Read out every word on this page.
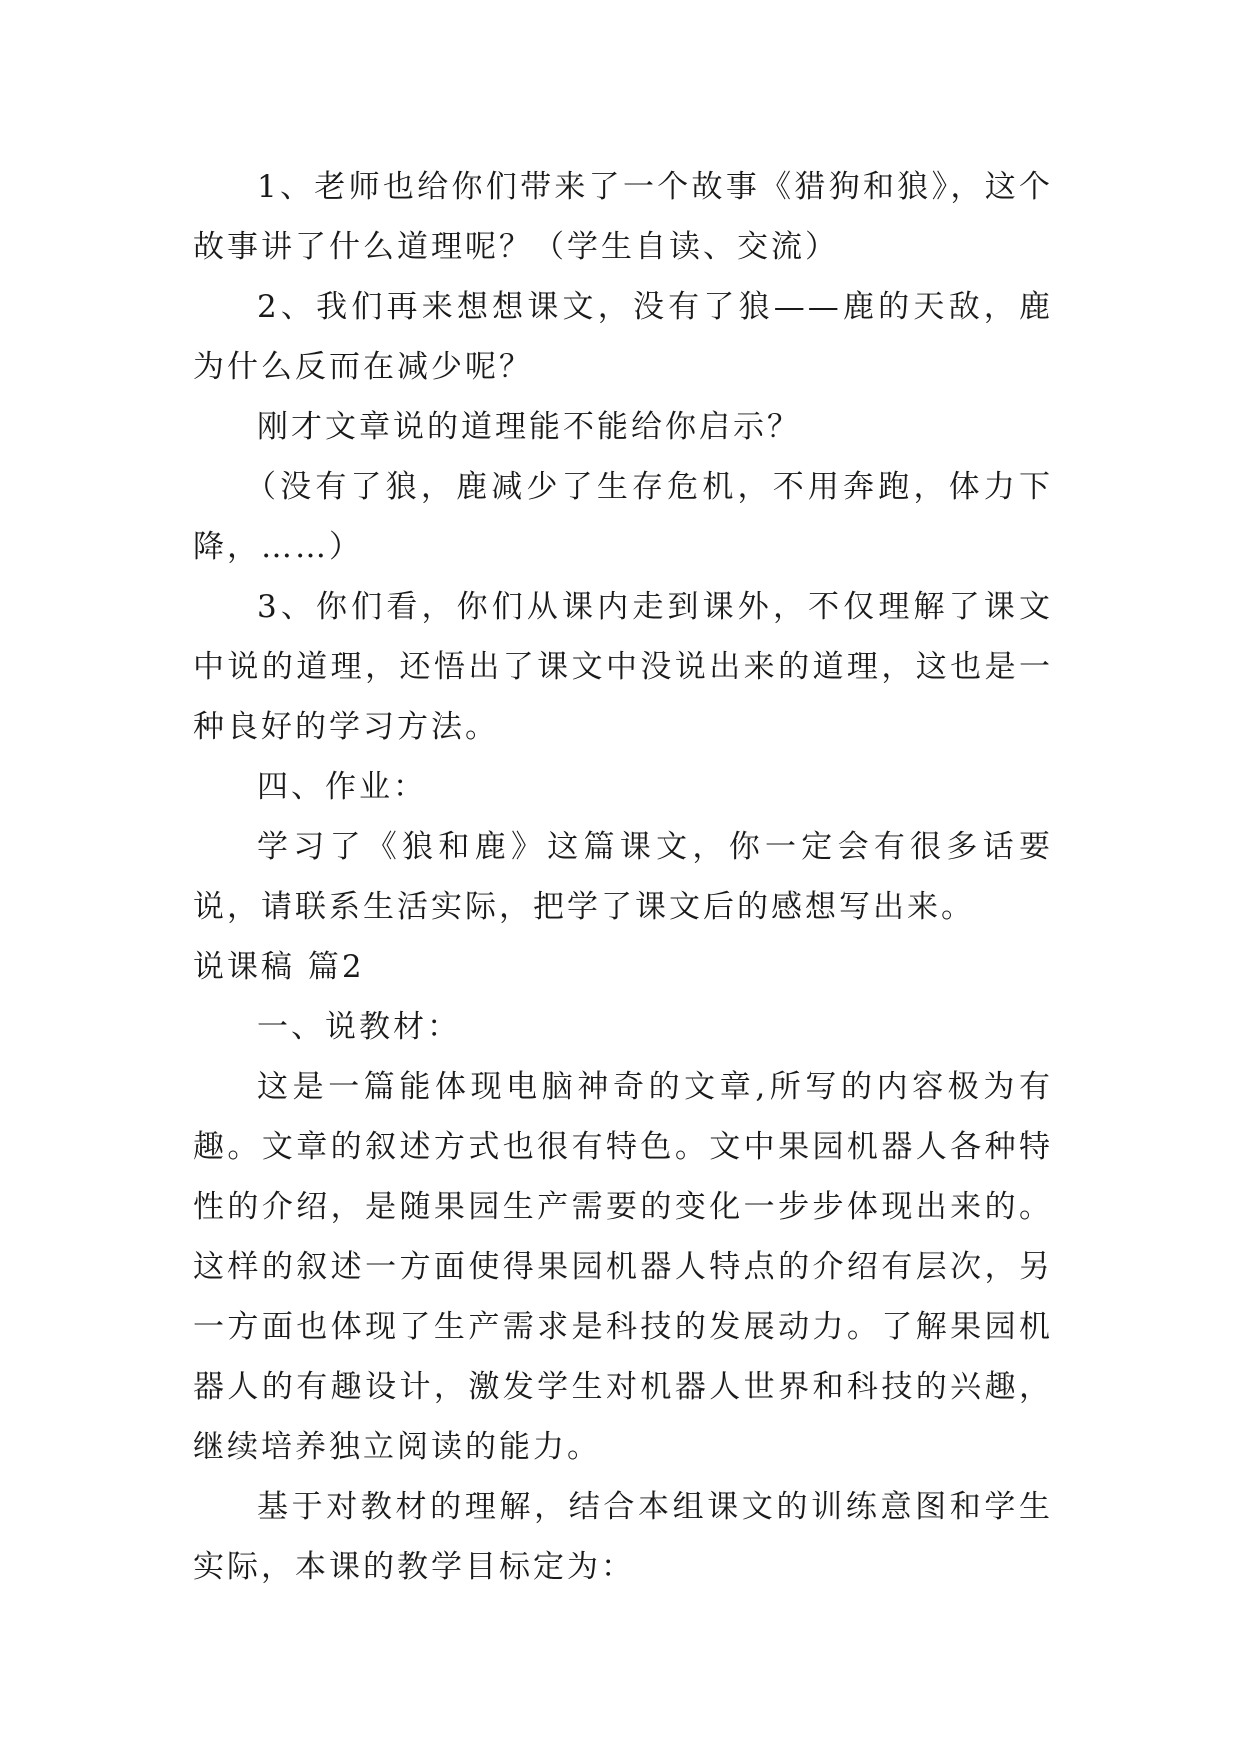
1、老师也给你们带来了一个故事《猎狗和狼》，这个故事讲了什么道理呢？（学生自读、交流）

2、我们再来想想课文，没有了狼——鹿的天敌，鹿为什么反而在减少呢？

刚才文章说的道理能不能给你启示？

（没有了狼，鹿减少了生存危机，不用奔跑，体力下降，……）

3、你们看，你们从课内走到课外，不仅理解了课文中说的道理，还悟出了课文中没说出来的道理，这也是一种良好的学习方法。

四、作业：

学习了《狼和鹿》这篇课文，你一定会有很多话要说，请联系生活实际，把学了课文后的感想写出来。

说课稿 篇2

一、说教材：

这是一篇能体现电脑神奇的文章,所写的内容极为有趣。文章的叙述方式也很有特色。文中果园机器人各种特性的介绍，是随果园生产需要的变化一步步体现出来的。这样的叙述一方面使得果园机器人特点的介绍有层次，另一方面也体现了生产需求是科技的发展动力。了解果园机器人的有趣设计，激发学生对机器人世界和科技的兴趣，继续培养独立阅读的能力。

基于对教材的理解，结合本组课文的训练意图和学生实际，本课的教学目标定为：
